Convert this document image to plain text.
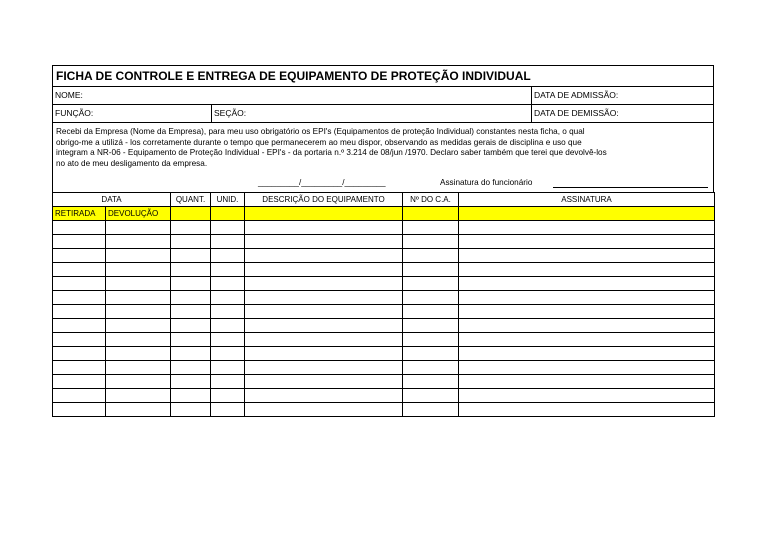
FICHA DE CONTROLE E ENTREGA DE EQUIPAMENTO DE PROTEÇÃO INDIVIDUAL
NOME:	DATA DE ADMISSÃO:
FUNÇÃO:	SEÇÃO:	DATA DE DEMISSÃO:

Recebi da Empresa (Nome da Empresa), para meu uso obrigatório os EPI's (Equipamentos de proteção Individual) constantes nesta ficha, o qual

obrigo-me a utilizá - los corretamente durante o tempo que permanecerem ao meu dispor, observando as medidas gerais de disciplina e uso que

integram a NR-06 - Equipamento de Proteção Individual - EPI's - da portaria n.º 3.214 de 08/jun /1970. Declaro saber também que terei que devolvê-los

no ato de meu desligamento da empresa.

_________/_________/_________	Assinatura do funcionário
DATA		QUANT.	UNID.	DESCRIÇÃO DO EQUIPAMENTO	Nº DO C.A.	ASSINATURA
RETIRADA	DEVOLUÇÃO					
